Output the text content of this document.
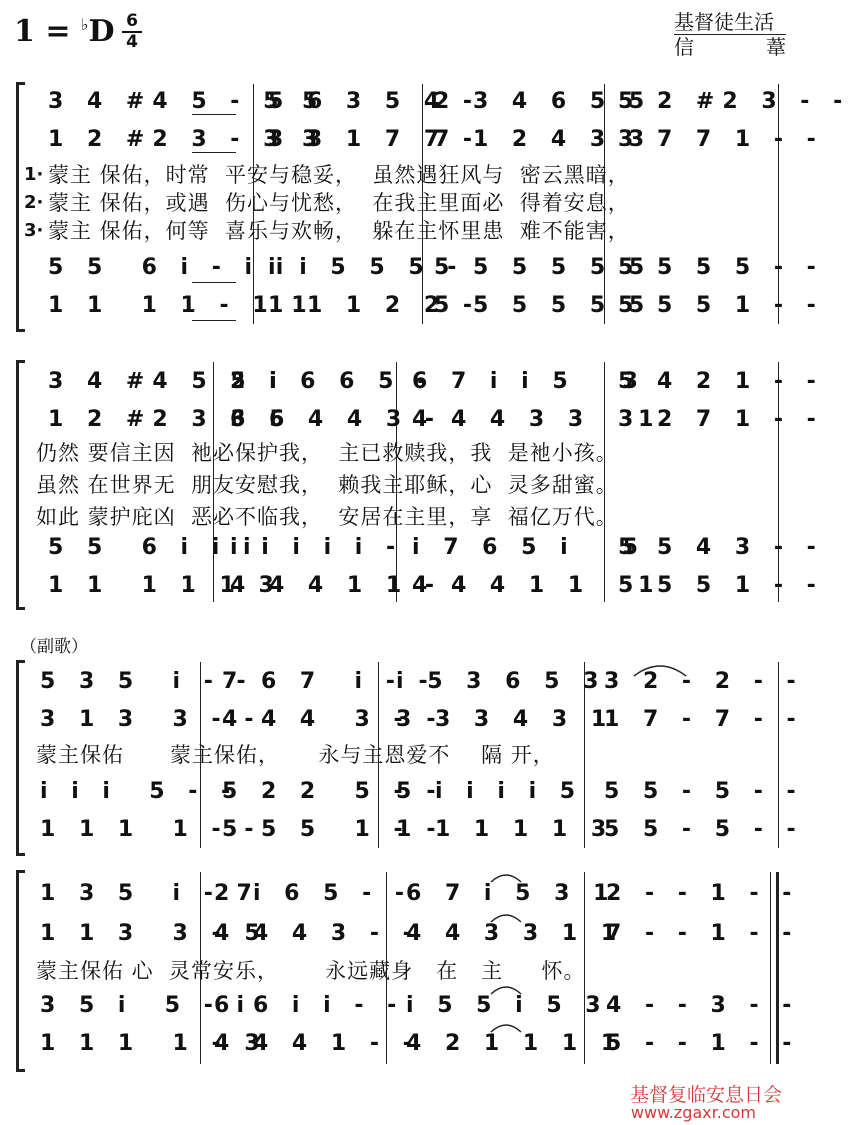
1 = ♭D 6
4
基督徒生活
信 葦
3 4 #4 5 - 5 5
5 6 3 5 4 -
2 3 4 6 5 5
5 2 #2 3 - -
1 2 #2 3 - 3 3
3 3 1 7 7 -
7 1 2 4 3 3
3 7 7 1 - -
1· 蒙主 保佑，时常  平安与稳妥，  虽然遇狂风与  密云黑暗，
2· 蒙主 保佑，或遇  伤心与忧愁，  在我主里面必  得着安息，
3· 蒙主 保佑，何等  喜乐与欢畅，  躲在主怀里患  难不能害，
5 5  6 i - i i
i i 5 5 5 -
5 5 5 5 5 5
5 5 5 5 - -
1 1  1 1 - 1 1
1 1 1 2 2 -
5 5 5 5 5 5
5 5 5 1 - -
3 4 #4 5 5 i
2 i 6 6 5 -
6 7 i i 5   3
5 4 2 1 - -
1 2 #2 3 3 5
6 6 4 4 3 -
4 4 4 3 3   1
3 2 7 1 - -
仍然 要信主因  衪必保护我，  主已救赎我，我  是衪小孩。
虽然 在世界无  朋友安慰我，  赖我主耶稣，心  灵多甜蜜。
如此 蒙护庇凶  恶必不临我，  安居在主里，享  福亿万代。
5 5  6 i i i
i i i i i - i 7 6 5 i   5
5 5 4 3 - -
1 1  1 1 1 3
4 4 4 1 1 -
4 4 4 1 1   1
5 5 5 1 - -
（副歌）
5 3 5  i - -
7 6 7  i - -
i 5 3 6 5 3
3 2 - 2 - -
3 1 3  3 - -
4 4 4  3 - -
3 3 3 4 3 1
1 7 - 7 - -
蒙主保佑      蒙主保佑，     永与主恩爱不    隔 开，
i i i  5 - -
5 2 2  5 - -
5 i i i i 5 5 5 - 5 - -
1 1 1  1 - -
5 5 5  1 - -
1 1 1 1 1 3
5 5 - 5 - -
1 3 5  i - 7
2 i 6 5 - -
6 7 i 5 3 1
2 - - 1 - -
1 1 3  3 - 5
4 4 4 3 - -
4 4 3 3 1 1
7 - - 1 - -
蒙主保佑 心  灵常安乐，      永远藏身   在   主     怀。
3 5 i  5 - i
6 6 i i - - i 5 5 i 5 3
4 - - 3 - -
1 1 1  1 - 3
4 4 4 1 - -
4 2 1 1 1 1
5 - - 1 - -
基督复临安息日会
www.zgaxr.com
